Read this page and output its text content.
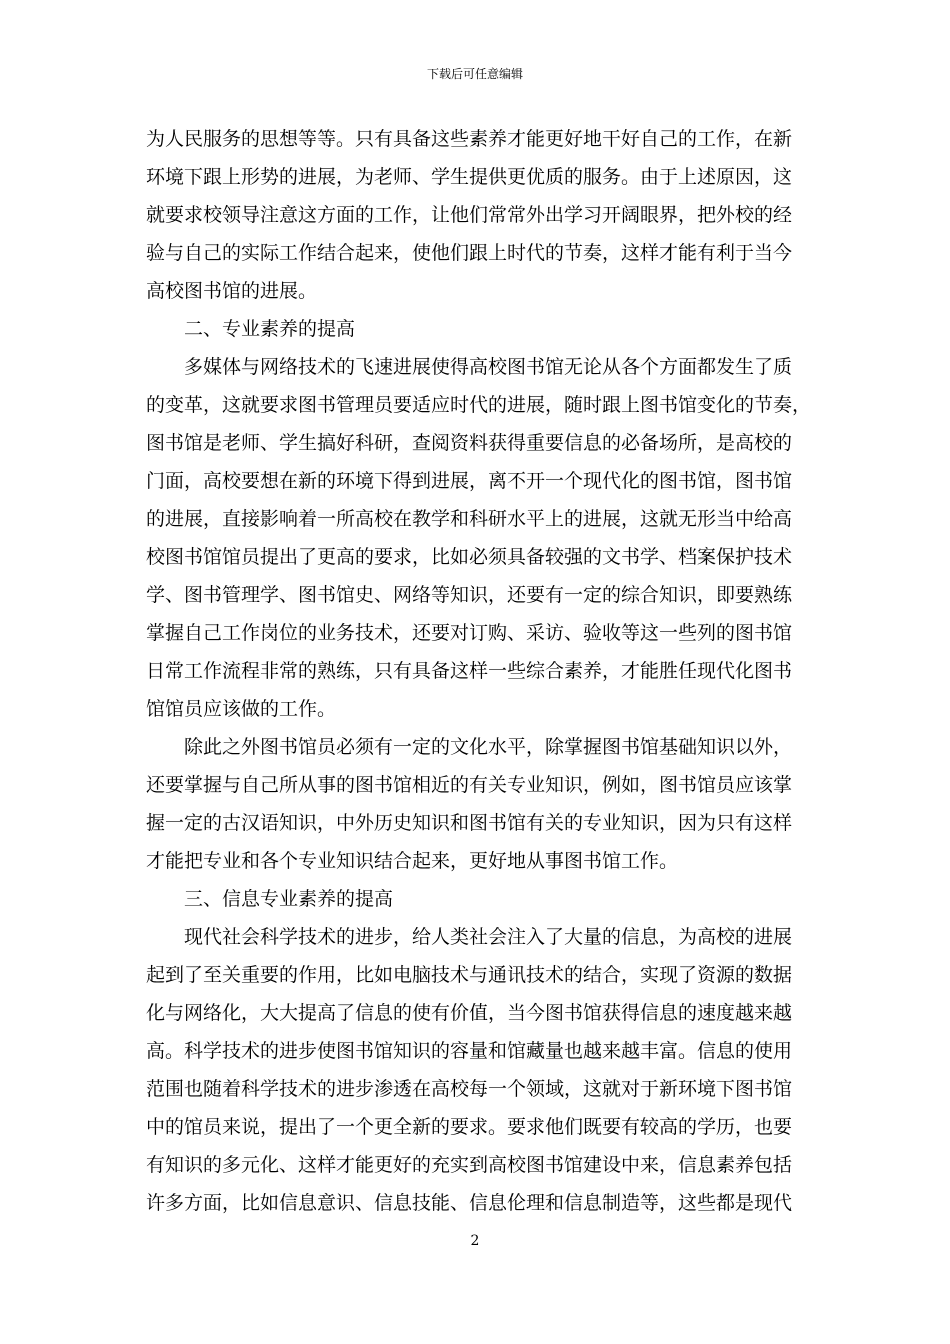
下载后可任意编辑
为人民服务的思想等等。只有具备这些素养才能更好地干好自己的工作，在新
环境下跟上形势的进展，为老师、学生提供更优质的服务。由于上述原因，这
就要求校领导注意这方面的工作，让他们常常外出学习开阔眼界，把外校的经
验与自己的实际工作结合起来，使他们跟上时代的节奏，这样才能有利于当今
高校图书馆的进展。
二、专业素养的提高
多媒体与网络技术的飞速进展使得高校图书馆无论从各个方面都发生了质
的变革，这就要求图书管理员要适应时代的进展，随时跟上图书馆变化的节奏，
图书馆是老师、学生搞好科研，查阅资料获得重要信息的必备场所，是高校的
门面，高校要想在新的环境下得到进展，离不开一个现代化的图书馆，图书馆
的进展，直接影响着一所高校在教学和科研水平上的进展，这就无形当中给高
校图书馆馆员提出了更高的要求，比如必须具备较强的文书学、档案保护技术
学、图书管理学、图书馆史、网络等知识，还要有一定的综合知识，即要熟练
掌握自己工作岗位的业务技术，还要对订购、采访、验收等这一些列的图书馆
日常工作流程非常的熟练，只有具备这样一些综合素养，才能胜任现代化图书
馆馆员应该做的工作。
除此之外图书馆员必须有一定的文化水平，除掌握图书馆基础知识以外，
还要掌握与自己所从事的图书馆相近的有关专业知识，例如，图书馆员应该掌
握一定的古汉语知识，中外历史知识和图书馆有关的专业知识，因为只有这样
才能把专业和各个专业知识结合起来，更好地从事图书馆工作。
三、信息专业素养的提高
现代社会科学技术的进步，给人类社会注入了大量的信息，为高校的进展
起到了至关重要的作用，比如电脑技术与通讯技术的结合，实现了资源的数据
化与网络化，大大提高了信息的使有价值，当今图书馆获得信息的速度越来越
高。科学技术的进步使图书馆知识的容量和馆藏量也越来越丰富。信息的使用
范围也随着科学技术的进步渗透在高校每一个领域，这就对于新环境下图书馆
中的馆员来说，提出了一个更全新的要求。要求他们既要有较高的学历，也要
有知识的多元化、这样才能更好的充实到高校图书馆建设中来，信息素养包括
许多方面，比如信息意识、信息技能、信息伦理和信息制造等，这些都是现代
2
